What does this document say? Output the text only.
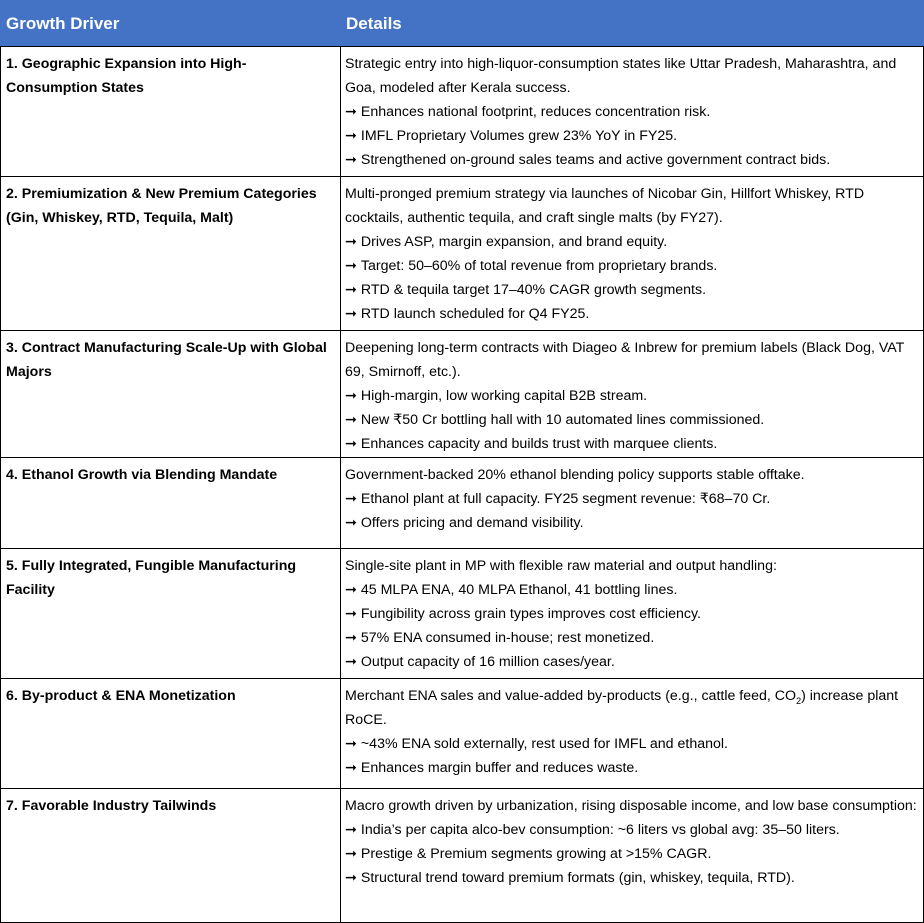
Growth Driver	Details
1. Geographic Expansion into High-Consumption States	Strategic entry into high-liquor-consumption states like Uttar Pradesh, Maharashtra, and Goa, modeled after Kerala success.
➞ Enhances national footprint, reduces concentration risk.
➞ IMFL Proprietary Volumes grew 23% YoY in FY25.
➞ Strengthened on-ground sales teams and active government contract bids.

2. Premiumization & New Premium Categories (Gin, Whiskey, RTD, Tequila, Malt)	Multi-pronged premium strategy via launches of Nicobar Gin, Hillfort Whiskey, RTD cocktails, authentic tequila, and craft single malts (by FY27).
➞ Drives ASP, margin expansion, and brand equity.
➞ Target: 50–60% of total revenue from proprietary brands.
➞ RTD & tequila target 17–40% CAGR growth segments.
➞ RTD launch scheduled for Q4 FY25.

3. Contract Manufacturing Scale-Up with Global Majors	Deepening long-term contracts with Diageo & Inbrew for premium labels (Black Dog, VAT 69, Smirnoff, etc.).
➞ High-margin, low working capital B2B stream.
➞ New ₹50 Cr bottling hall with 10 automated lines commissioned.
➞ Enhances capacity and builds trust with marquee clients.

4. Ethanol Growth via Blending Mandate	Government-backed 20% ethanol blending policy supports stable offtake.
➞ Ethanol plant at full capacity. FY25 segment revenue: ₹68–70 Cr.
➞ Offers pricing and demand visibility.

5. Fully Integrated, Fungible Manufacturing Facility	Single-site plant in MP with flexible raw material and output handling:
➞ 45 MLPA ENA, 40 MLPA Ethanol, 41 bottling lines.
➞ Fungibility across grain types improves cost efficiency.
➞ 57% ENA consumed in-house; rest monetized.
➞ Output capacity of 16 million cases/year.

6. By-product & ENA Monetization	Merchant ENA sales and value-added by-products (e.g., cattle feed, $CO_2$) increase plant RoCE.
➞ ~43% ENA sold externally, rest used for IMFL and ethanol.
➞ Enhances margin buffer and reduces waste.

7. Favorable Industry Tailwinds	Macro growth driven by urbanization, rising disposable income, and low base consumption:
➞ India’s per capita alco-bev consumption: ~6 liters vs global avg: 35–50 liters.
➞ Prestige & Premium segments growing at >15% CAGR.
➞ Structural trend toward premium formats (gin, whiskey, tequila, RTD).
